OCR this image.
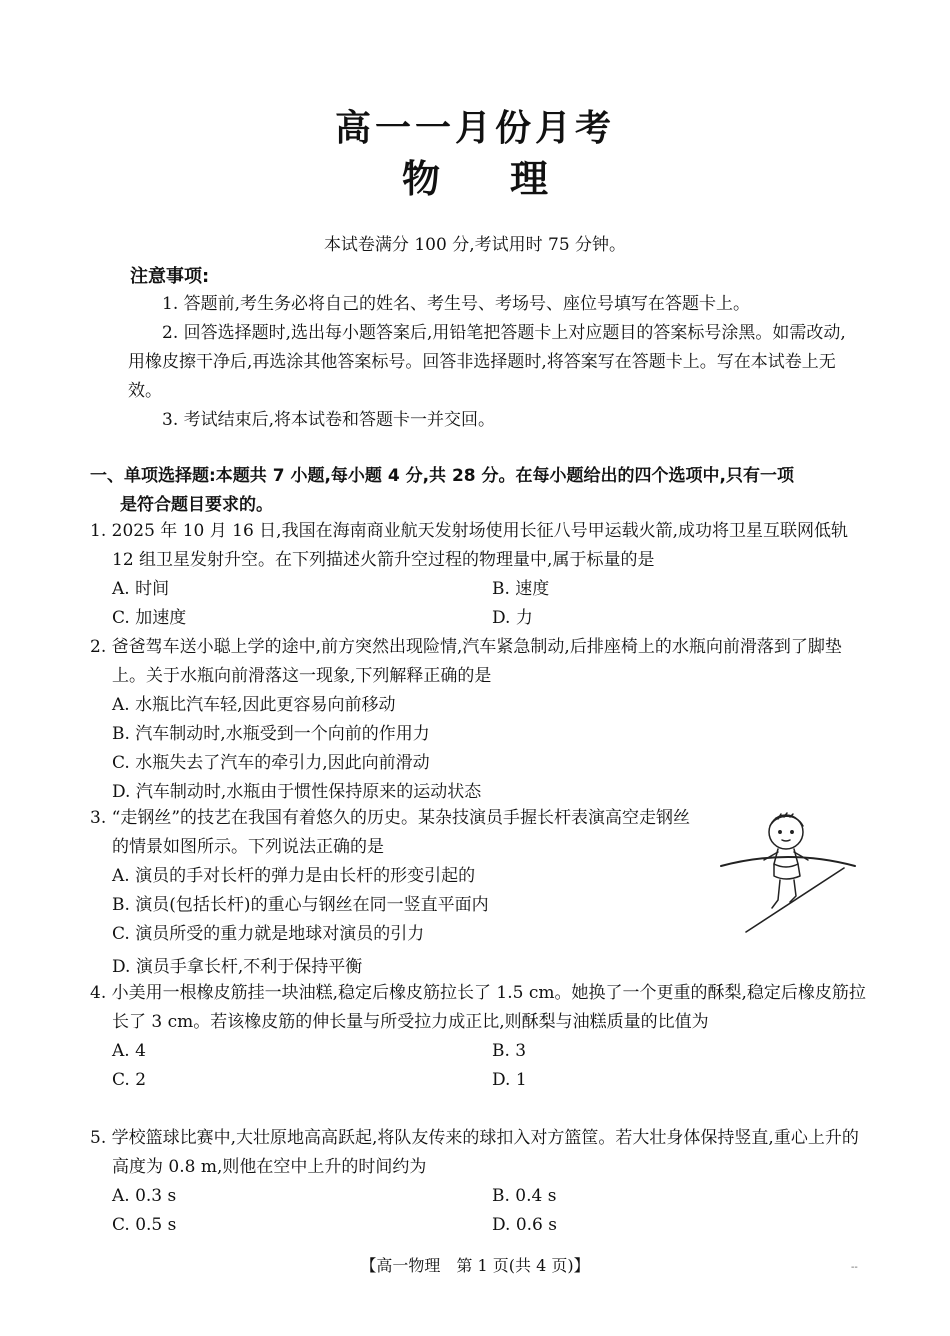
高一一月份月考
物 理
本试卷满分 100 分,考试用时 75 分钟。
注意事项:

1. 答题前,考生务必将自己的姓名、考生号、考场号、座位号填写在答题卡上。

2. 回答选择题时,选出每小题答案后,用铅笔把答题卡上对应题目的答案标号涂黑。如需改动,用橡皮擦干净后,再选涂其他答案标号。回答非选择题时,将答案写在答题卡上。写在本试卷上无效。

3. 考试结束后,将本试卷和答题卡一并交回。

一、单项选择题:本题共 7 小题,每小题 4 分,共 28 分。在每小题给出的四个选项中,只有一项
是符合题目要求的。
1. 2025 年 10 月 16 日,我国在海南商业航天发射场使用长征八号甲运载火箭,成功将卫星互联网低轨 12 组卫星发射升空。在下列描述火箭升空过程的物理量中,属于标量的是
A. 时间	B. 速度
C. 加速度	D. 力
2. 爸爸驾车送小聪上学的途中,前方突然出现险情,汽车紧急制动,后排座椅上的水瓶向前滑落到了脚垫上。关于水瓶向前滑落这一现象,下列解释正确的是
A. 水瓶比汽车轻,因此更容易向前移动
B. 汽车制动时,水瓶受到一个向前的作用力
C. 水瓶失去了汽车的牵引力,因此向前滑动
D. 汽车制动时,水瓶由于惯性保持原来的运动状态
3. “走钢丝”的技艺在我国有着悠久的历史。某杂技演员手握长杆表演高空走钢丝的情景如图所示。下列说法正确的是
A. 演员的手对长杆的弹力是由长杆的形变引起的
B. 演员(包括长杆)的重心与钢丝在同一竖直平面内
C. 演员所受的重力就是地球对演员的引力
D. 演员手拿长杆,不利于保持平衡
4. 小美用一根橡皮筋挂一块油糕,稳定后橡皮筋拉长了 1.5 cm。她换了一个更重的酥梨,稳定后橡皮筋拉长了 3 cm。若该橡皮筋的伸长量与所受拉力成正比,则酥梨与油糕质量的比值为
A. 4	B. 3
C. 2	D. 1
5. 学校篮球比赛中,大壮原地高高跃起,将队友传来的球扣入对方篮筐。若大壮身体保持竖直,重心上升的高度为 0.8 m,则他在空中上升的时间约为
A. 0.3 s	B. 0.4 s
C. 0.5 s	D. 0.6 s
【高一物理　第 1 页(共 4 页)】	--
